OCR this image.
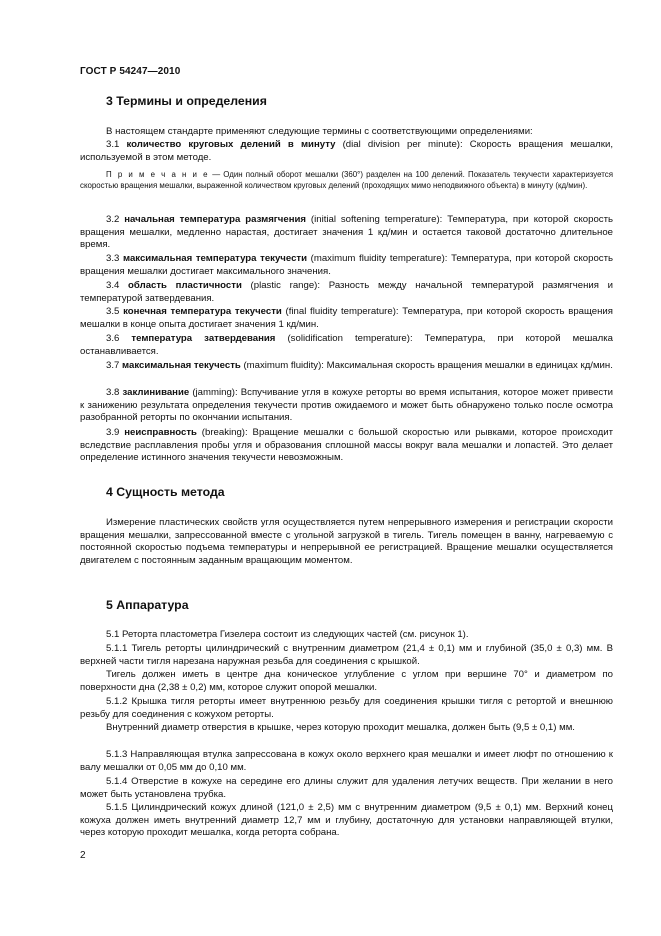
ГОСТ Р 54247—2010
3 Термины и определения
В настоящем стандарте применяют следующие термины с соответствующими определениями:
3.1 количество круговых делений в минуту (dial division per minute): Скорость вращения мешалки, используемой в этом методе.
П р и м е ч а н и е — Один полный оборот мешалки (360°) разделен на 100 делений. Показатель текучести характеризуется скоростью вращения мешалки, выраженной количеством круговых делений (проходящих мимо неподвижного объекта) в минуту (кд/мин).
3.2 начальная температура размягчения (initial softening temperature): Температура, при которой скорость вращения мешалки, медленно нарастая, достигает значения 1 кд/мин и остается таковой достаточно длительное время.
3.3 максимальная температура текучести (maximum fluidity temperature): Температура, при которой скорость вращения мешалки достигает максимального значения.
3.4 область пластичности (plastic range): Разность между начальной температурой размягчения и температурой затвердевания.
3.5 конечная температура текучести (final fluidity temperature): Температура, при которой скорость вращения мешалки в конце опыта достигает значения 1 кд/мин.
3.6 температура затвердевания (solidification temperature): Температура, при которой мешалка останавливается.
3.7 максимальная текучесть (maximum fluidity): Максимальная скорость вращения мешалки в единицах кд/мин.
3.8 заклинивание (jamming): Вспучивание угля в кожухе реторты во время испытания, которое может привести к занижению результата определения текучести против ожидаемого и может быть обнаружено только после осмотра разобранной реторты по окончании испытания.
3.9 неисправность (breaking): Вращение мешалки с большой скоростью или рывками, которое происходит вследствие расплавления пробы угля и образования сплошной массы вокруг вала мешалки и лопастей. Это делает определение истинного значения текучести невозможным.
4 Сущность метода
Измерение пластических свойств угля осуществляется путем непрерывного измерения и регистрации скорости вращения мешалки, запрессованной вместе с угольной загрузкой в тигель. Тигель помещен в ванну, нагреваемую с постоянной скоростью подъема температуры и непрерывной ее регистрацией. Вращение мешалки осуществляется двигателем с постоянным заданным вращающим моментом.
5 Аппаратура
5.1 Реторта пластометра Гизелера состоит из следующих частей (см. рисунок 1).
5.1.1 Тигель реторты цилиндрический с внутренним диаметром (21,4 ± 0,1) мм и глубиной (35,0 ± 0,3) мм. В верхней части тигля нарезана наружная резьба для соединения с крышкой.
Тигель должен иметь в центре дна коническое углубление с углом при вершине 70° и диаметром по поверхности дна (2,38 ± 0,2) мм, которое служит опорой мешалки.
5.1.2 Крышка тигля реторты имеет внутреннюю резьбу для соединения крышки тигля с ретортой и внешнюю резьбу для соединения с кожухом реторты.
Внутренний диаметр отверстия в крышке, через которую проходит мешалка, должен быть (9,5 ± 0,1) мм.
5.1.3 Направляющая втулка запрессована в кожух около верхнего края мешалки и имеет люфт по отношению к валу мешалки от 0,05 мм до 0,10 мм.
5.1.4 Отверстие в кожухе на середине его длины служит для удаления летучих веществ. При желании в него может быть установлена трубка.
5.1.5 Цилиндрический кожух длиной (121,0 ± 2,5) мм с внутренним диаметром (9,5 ± 0,1) мм. Верхний конец кожуха должен иметь внутренний диаметр 12,7 мм и глубину, достаточную для установки направляющей втулки, через которую проходит мешалка, когда реторта собрана.
2
